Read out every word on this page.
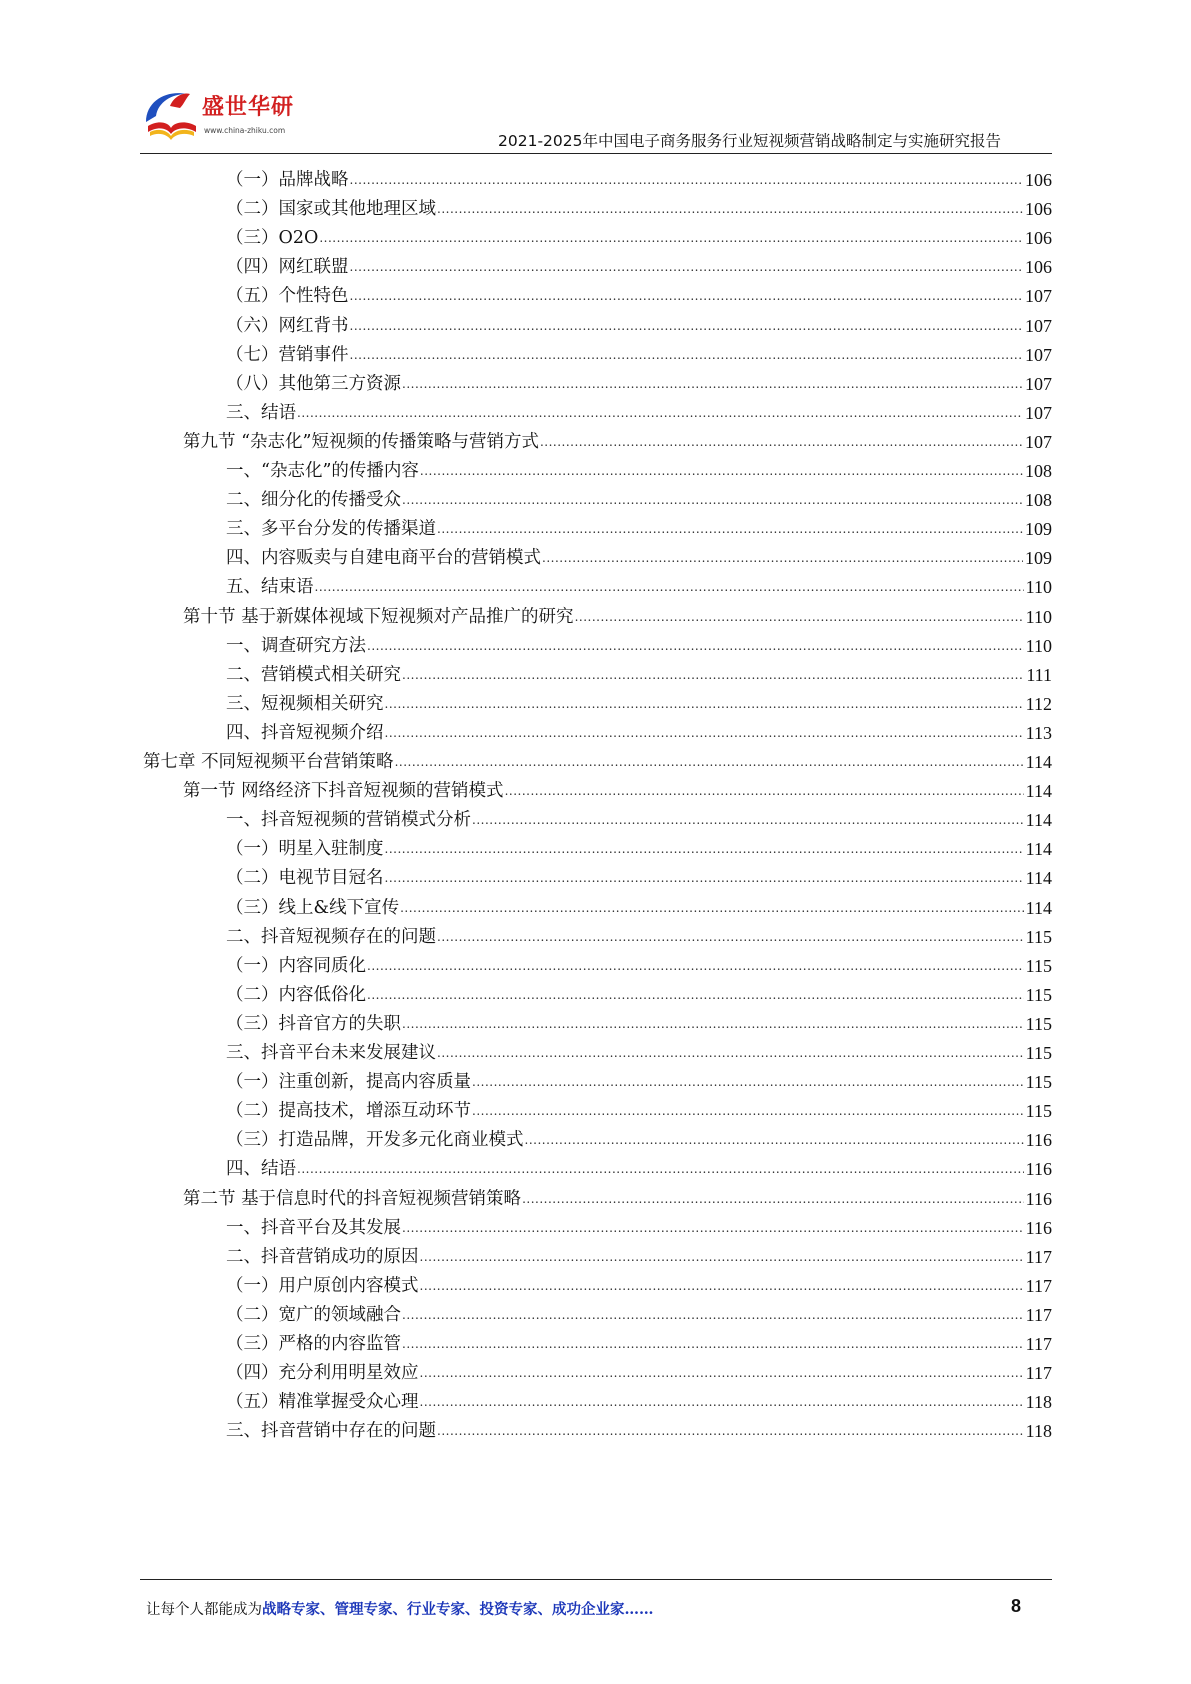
盛世华研
www.china-zhiku.com
2021-2025年中国电子商务服务行业短视频营销战略制定与实施研究报告
（一）品牌战略 .....	106
（二）国家或其他地理区域 .....	106
（三）O2O .....	106
（四）网红联盟 .....	106
（五）个性特色 .....	107
（六）网红背书 .....	107
（七）营销事件 .....	107
（八）其他第三方资源 .....	107
三、结语 .....	107
第九节 “杂志化”短视频的传播策略与营销方式 .....	107
一、“杂志化”的传播内容 .....	108
二、细分化的传播受众 .....	108
三、多平台分发的传播渠道 .....	109
四、内容贩卖与自建电商平台的营销模式 .....	109
五、结束语 .....	110
第十节 基于新媒体视域下短视频对产品推广的研究 .....	110
一、调查研究方法 .....	110
二、营销模式相关研究 .....	111
三、短视频相关研究 .....	112
四、抖音短视频介绍 .....	113
第七章 不同短视频平台营销策略 .....	114
第一节 网络经济下抖音短视频的营销模式 .....	114
一、抖音短视频的营销模式分析 .....	114
（一）明星入驻制度 .....	114
（二）电视节目冠名 .....	114
（三）线上&线下宣传 .....	114
二、抖音短视频存在的问题 .....	115
（一）内容同质化 .....	115
（二）内容低俗化 .....	115
（三）抖音官方的失职 .....	115
三、抖音平台未来发展建议 .....	115
（一）注重创新，提高内容质量 .....	115
（二）提高技术，增添互动环节 .....	115
（三）打造品牌，开发多元化商业模式 .....	116
四、结语 .....	116
第二节 基于信息时代的抖音短视频营销策略 .....	116
一、抖音平台及其发展 .....	116
二、抖音营销成功的原因 .....	117
（一）用户原创内容模式 .....	117
（二）宽广的领域融合 .....	117
（三）严格的内容监管 .....	117
（四）充分利用明星效应 .....	117
（五）精准掌握受众心理 .....	118
三、抖音营销中存在的问题 .....	118
让每个人都能成为战略专家、管理专家、行业专家、投资专家、成功企业家……	8
